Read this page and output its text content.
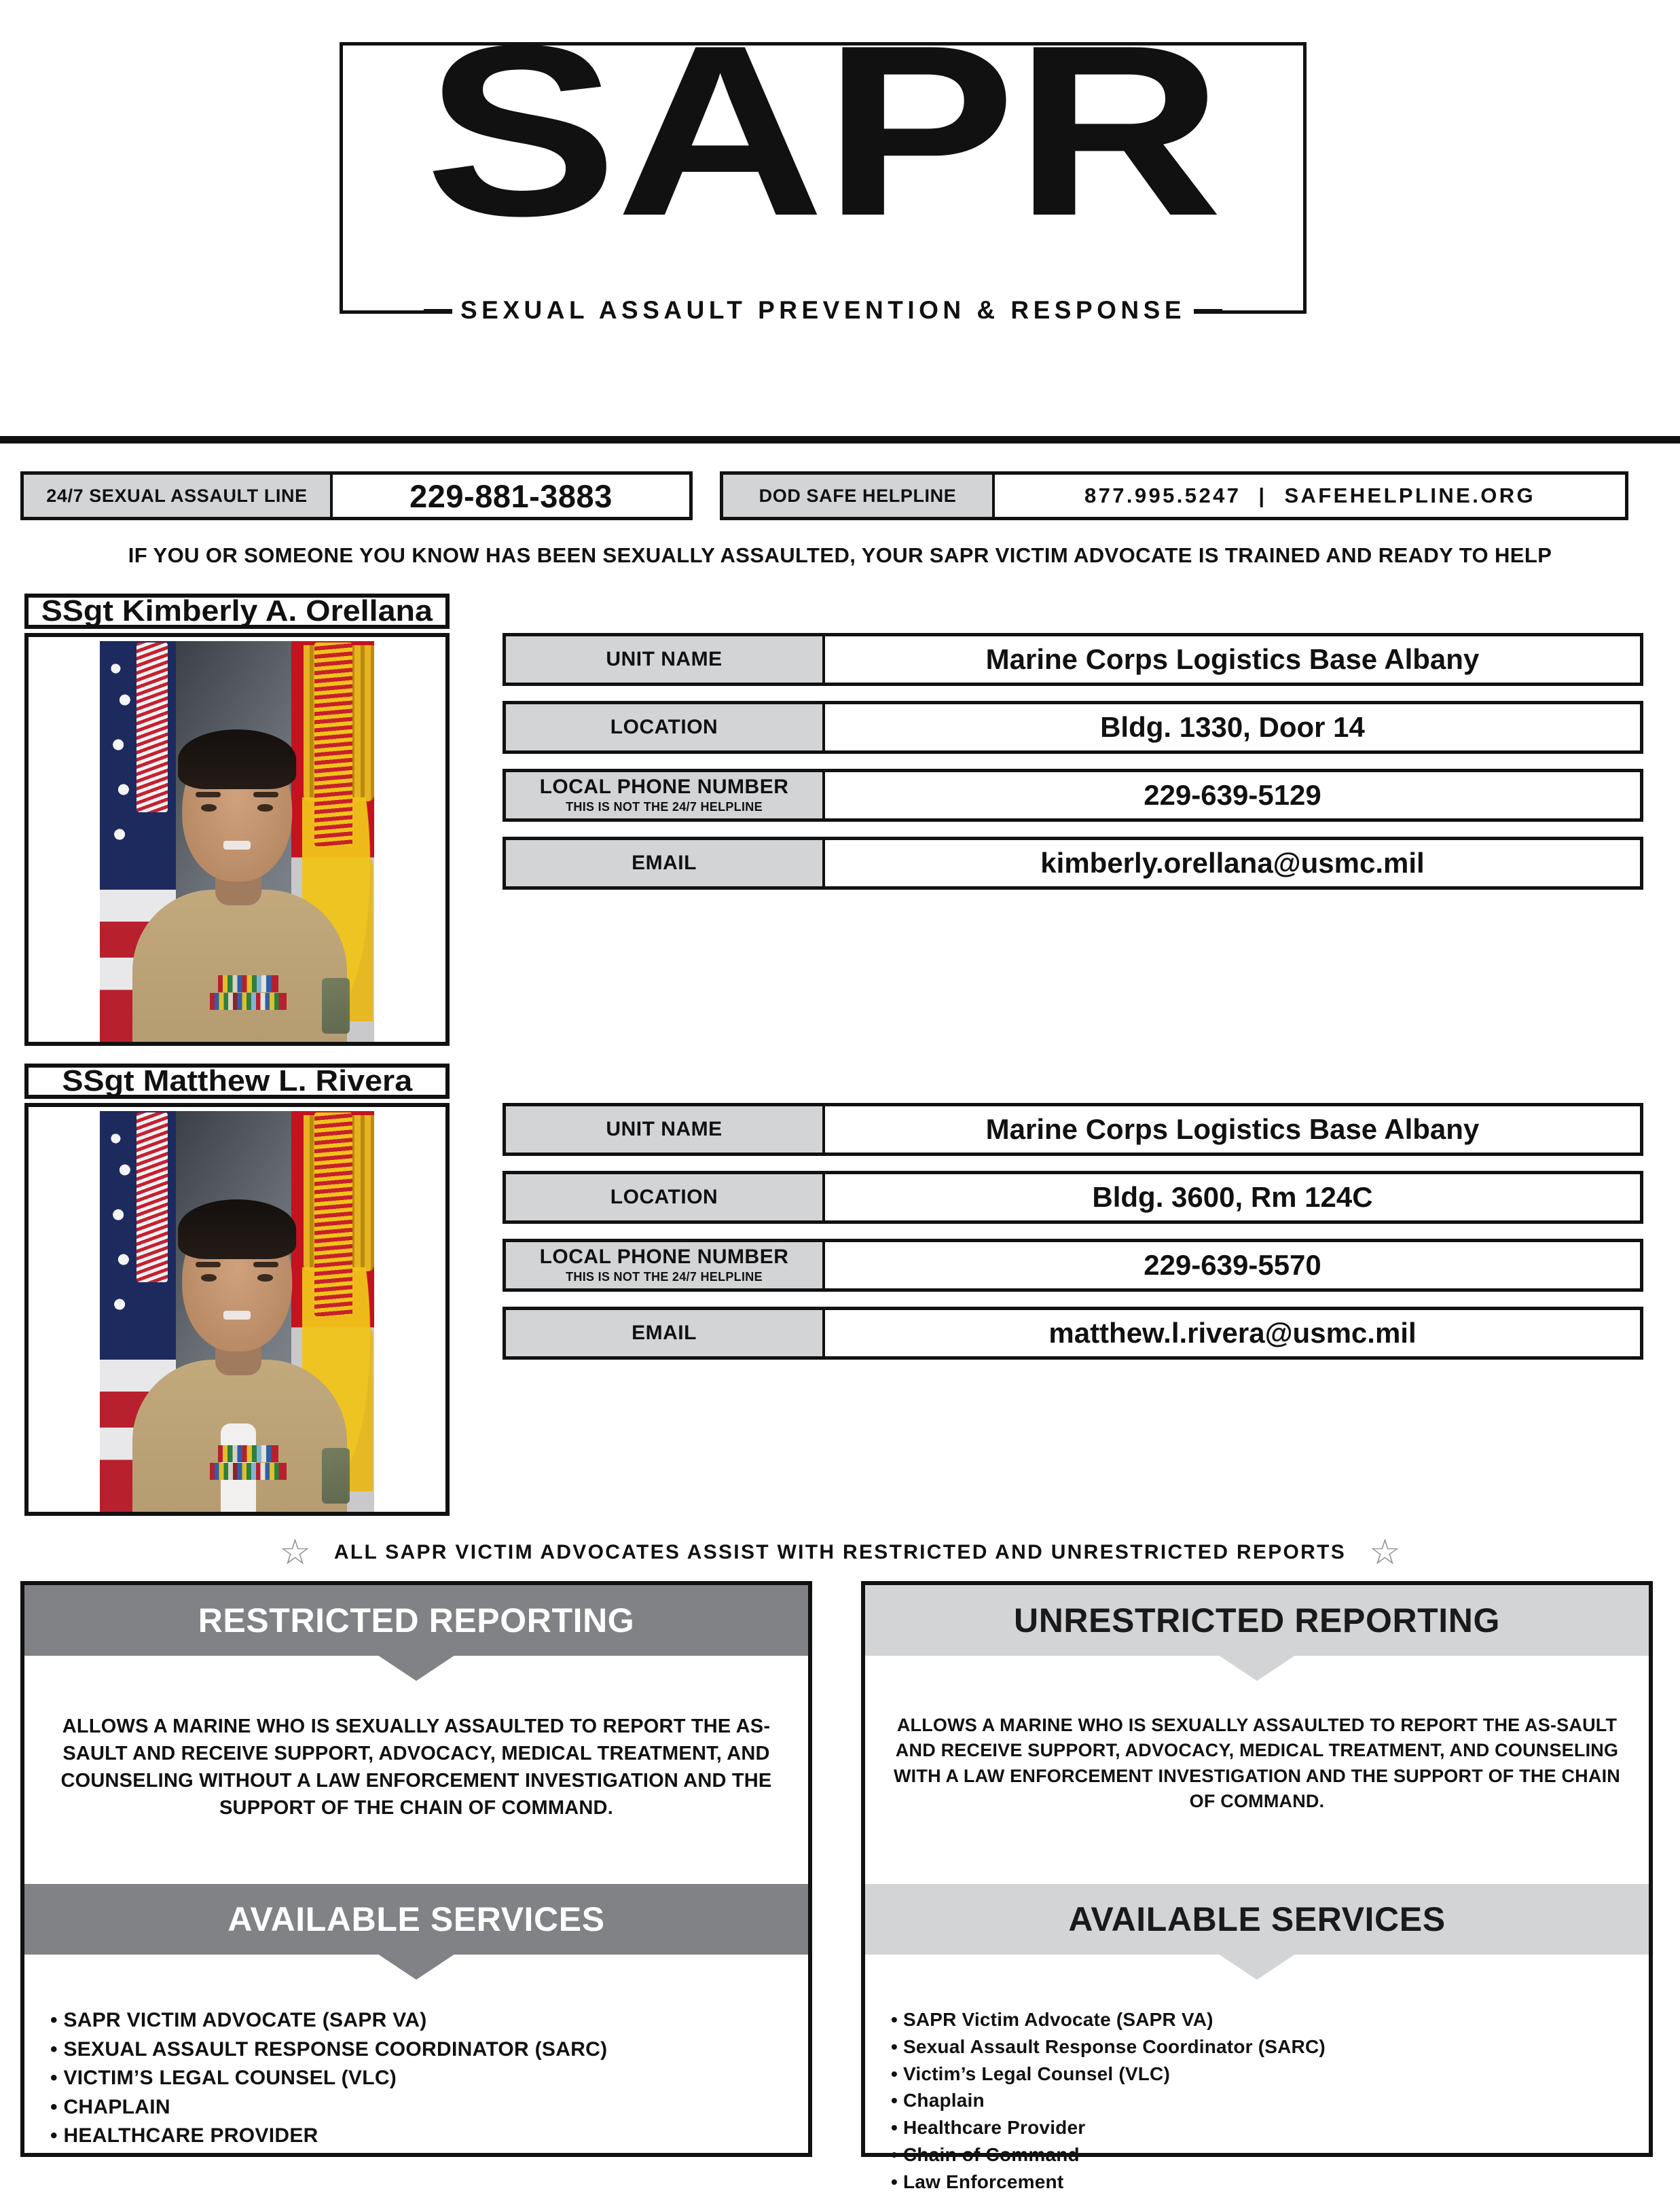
SAPR
SEXUAL ASSAULT PREVENTION & RESPONSE
24/7 SEXUAL ASSAULT LINE	229-881-3883	DOD SAFE HELPLINE	877.995.5247 | SAFEHELPLINE.ORG
IF YOU OR SOMEONE YOU KNOW HAS BEEN SEXUALLY ASSAULTED, YOUR SAPR VICTIM ADVOCATE IS TRAINED AND READY TO HELP
SSgt Kimberly A. Orellana
UNIT NAME	Marine Corps Logistics Base Albany
LOCATION	Bldg. 1330, Door 14
LOCAL PHONE NUMBER
THIS IS NOT THE 24/7 HELPLINE	229-639-5129
EMAIL	kimberly.orellana@usmc.mil
SSgt Matthew L. Rivera
UNIT NAME	Marine Corps Logistics Base Albany
LOCATION	Bldg. 3600, Rm 124C
LOCAL PHONE NUMBER
THIS IS NOT THE 24/7 HELPLINE	229-639-5570
EMAIL	matthew.l.rivera@usmc.mil
☆ ALL SAPR VICTIM ADVOCATES ASSIST WITH RESTRICTED AND UNRESTRICTED REPORTS ☆
RESTRICTED REPORTING
ALLOWS A MARINE WHO IS SEXUALLY ASSAULTED TO REPORT THE AS-SAULT AND RECEIVE SUPPORT, ADVOCACY, MEDICAL TREATMENT, AND COUNSELING WITHOUT A LAW ENFORCEMENT INVESTIGATION AND THE SUPPORT OF THE CHAIN OF COMMAND.
AVAILABLE SERVICES
• SAPR VICTIM ADVOCATE (SAPR VA)
• SEXUAL ASSAULT RESPONSE COORDINATOR (SARC)
• VICTIM’S LEGAL COUNSEL (VLC)
• CHAPLAIN
• HEALTHCARE PROVIDER
UNRESTRICTED REPORTING
ALLOWS A MARINE WHO IS SEXUALLY ASSAULTED TO REPORT THE AS-SAULT AND RECEIVE SUPPORT, ADVOCACY, MEDICAL TREATMENT, AND COUNSELING WITH A LAW ENFORCEMENT INVESTIGATION AND THE SUPPORT OF THE CHAIN OF COMMAND.
AVAILABLE SERVICES
• SAPR Victim Advocate (SAPR VA)
• Sexual Assault Response Coordinator (SARC)
• Victim’s Legal Counsel (VLC)
• Chaplain
• Healthcare Provider
• Chain of Command
• Law Enforcement
